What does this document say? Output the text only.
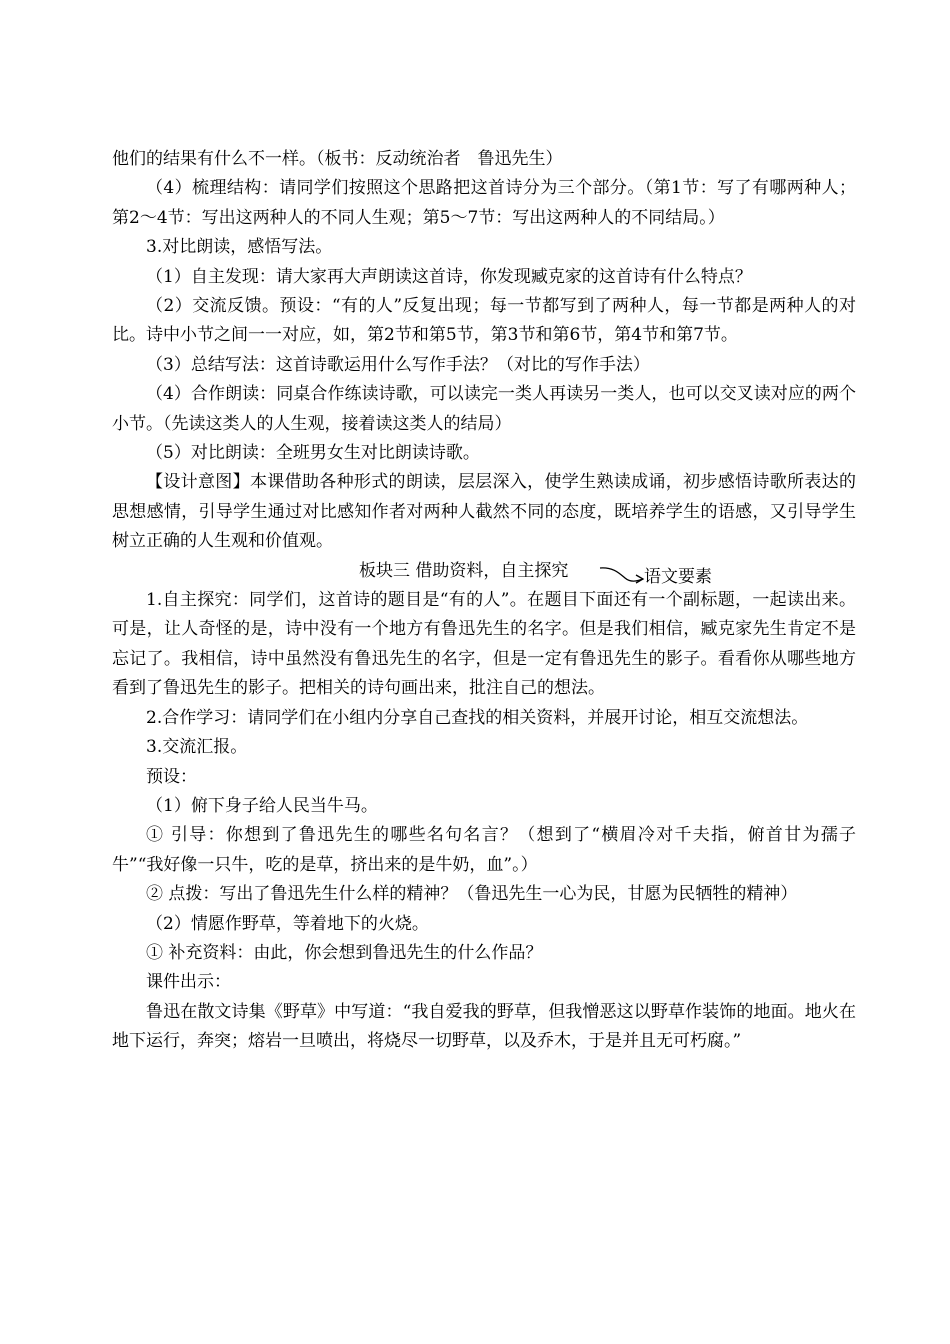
他们的结果有什么不一样。（板书：反动统治者　鲁迅先生）

（4）梳理结构：请同学们按照这个思路把这首诗分为三个部分。（第1节：写了有哪两种人；第2～4节：写出这两种人的不同人生观；第5～7节：写出这两种人的不同结局。）

3.对比朗读，感悟写法。

（1）自主发现：请大家再大声朗读这首诗，你发现臧克家的这首诗有什么特点？

（2）交流反馈。预设：“有的人”反复出现；每一节都写到了两种人，每一节都是两种人的对比。诗中小节之间一一对应，如，第2节和第5节，第3节和第6节，第4节和第7节。

（3）总结写法：这首诗歌运用什么写作手法？（对比的写作手法）

（4）合作朗读：同桌合作练读诗歌，可以读完一类人再读另一类人，也可以交叉读对应的两个小节。（先读这类人的人生观，接着读这类人的结局）

（5）对比朗读：全班男女生对比朗读诗歌。

【设计意图】本课借助各种形式的朗读，层层深入，使学生熟读成诵，初步感悟诗歌所表达的思想感情，引导学生通过对比感知作者对两种人截然不同的态度，既培养学生的语感，又引导学生树立正确的人生观和价值观。

板块三 借助资料，自主探究	语文要素

1.自主探究：同学们，这首诗的题目是“有的人”。在题目下面还有一个副标题，一起读出来。可是，让人奇怪的是，诗中没有一个地方有鲁迅先生的名字。但是我们相信，臧克家先生肯定不是忘记了。我相信，诗中虽然没有鲁迅先生的名字，但是一定有鲁迅先生的影子。看看你从哪些地方看到了鲁迅先生的影子。把相关的诗句画出来，批注自己的想法。

2.合作学习：请同学们在小组内分享自己查找的相关资料，并展开讨论，相互交流想法。

3.交流汇报。

预设：

（1）俯下身子给人民当牛马。

① 引导：你想到了鲁迅先生的哪些名句名言？（想到了“横眉冷对千夫指，俯首甘为孺子牛”“我好像一只牛，吃的是草，挤出来的是牛奶，血”。）

② 点拨：写出了鲁迅先生什么样的精神？（鲁迅先生一心为民，甘愿为民牺牲的精神）

（2）情愿作野草，等着地下的火烧。

① 补充资料：由此，你会想到鲁迅先生的什么作品？

课件出示：

鲁迅在散文诗集《野草》中写道：“我自爱我的野草，但我憎恶这以野草作装饰的地面。地火在地下运行，奔突；熔岩一旦喷出，将烧尽一切野草，以及乔木，于是并且无可朽腐。”
